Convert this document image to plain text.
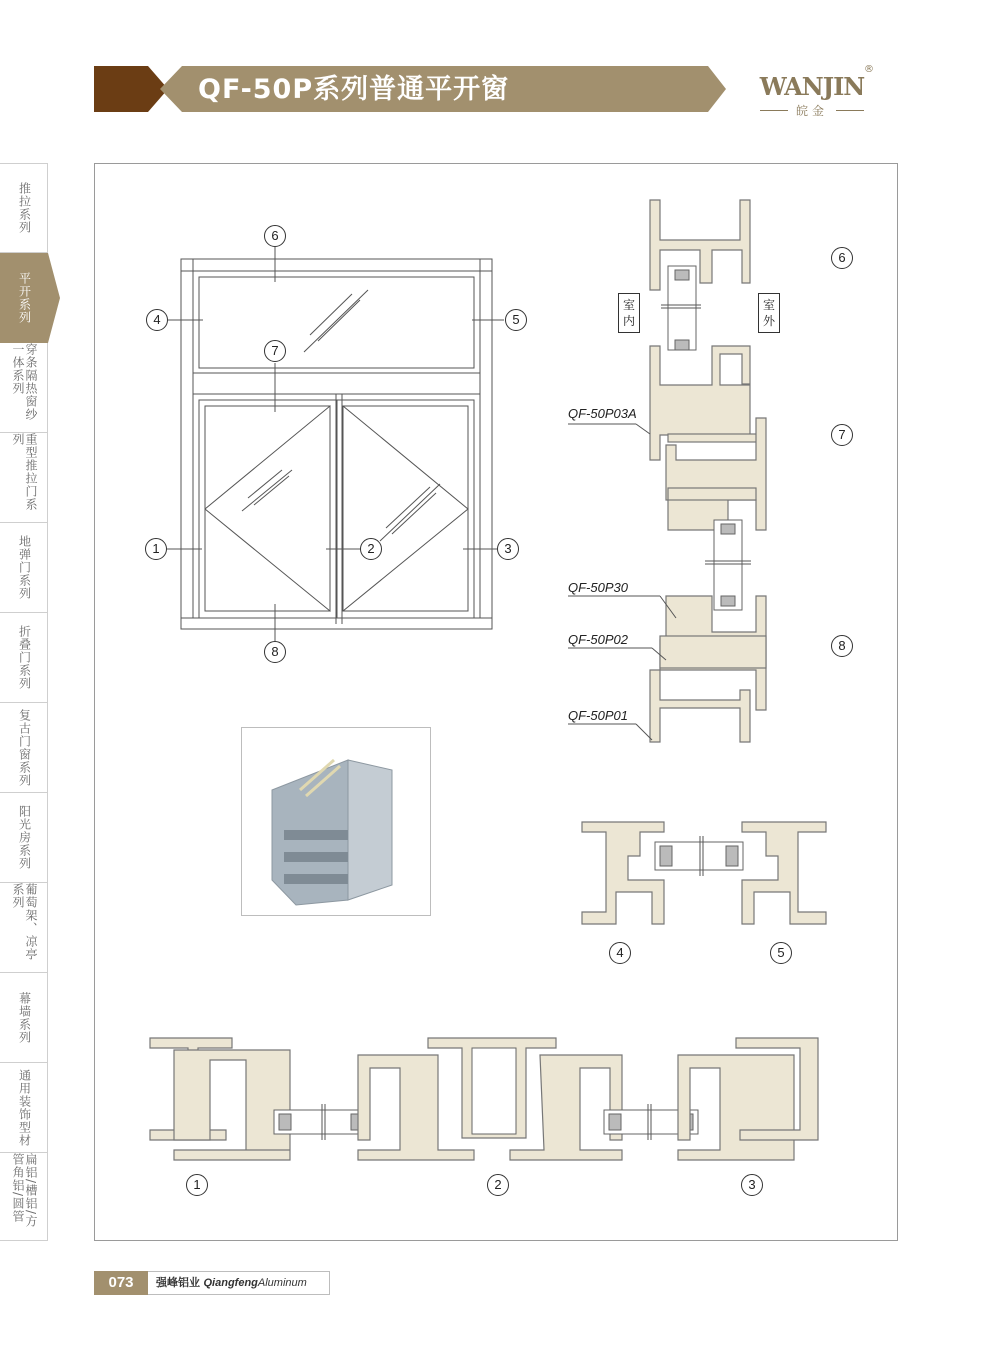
QF-50P系列普通平开窗	WANJIN
®
皖金
推拉系列
平开系列
穿条隔热窗纱一体系列
重型推拉门系列
地弹门系列
折叠门系列
复古门窗系列
阳光房系列
葡萄架、凉亭系列
幕墙系列
通用装饰型材
扁铝/槽铝/方管角铝/圆管
6
4	5
7
1	2	3
8
6
7
8
4	5
1	2	3
室内
室外
QF-50P03A
QF-50P30
QF-50P02
QF-50P01
073	强峰铝业 QiangfengAluminum
